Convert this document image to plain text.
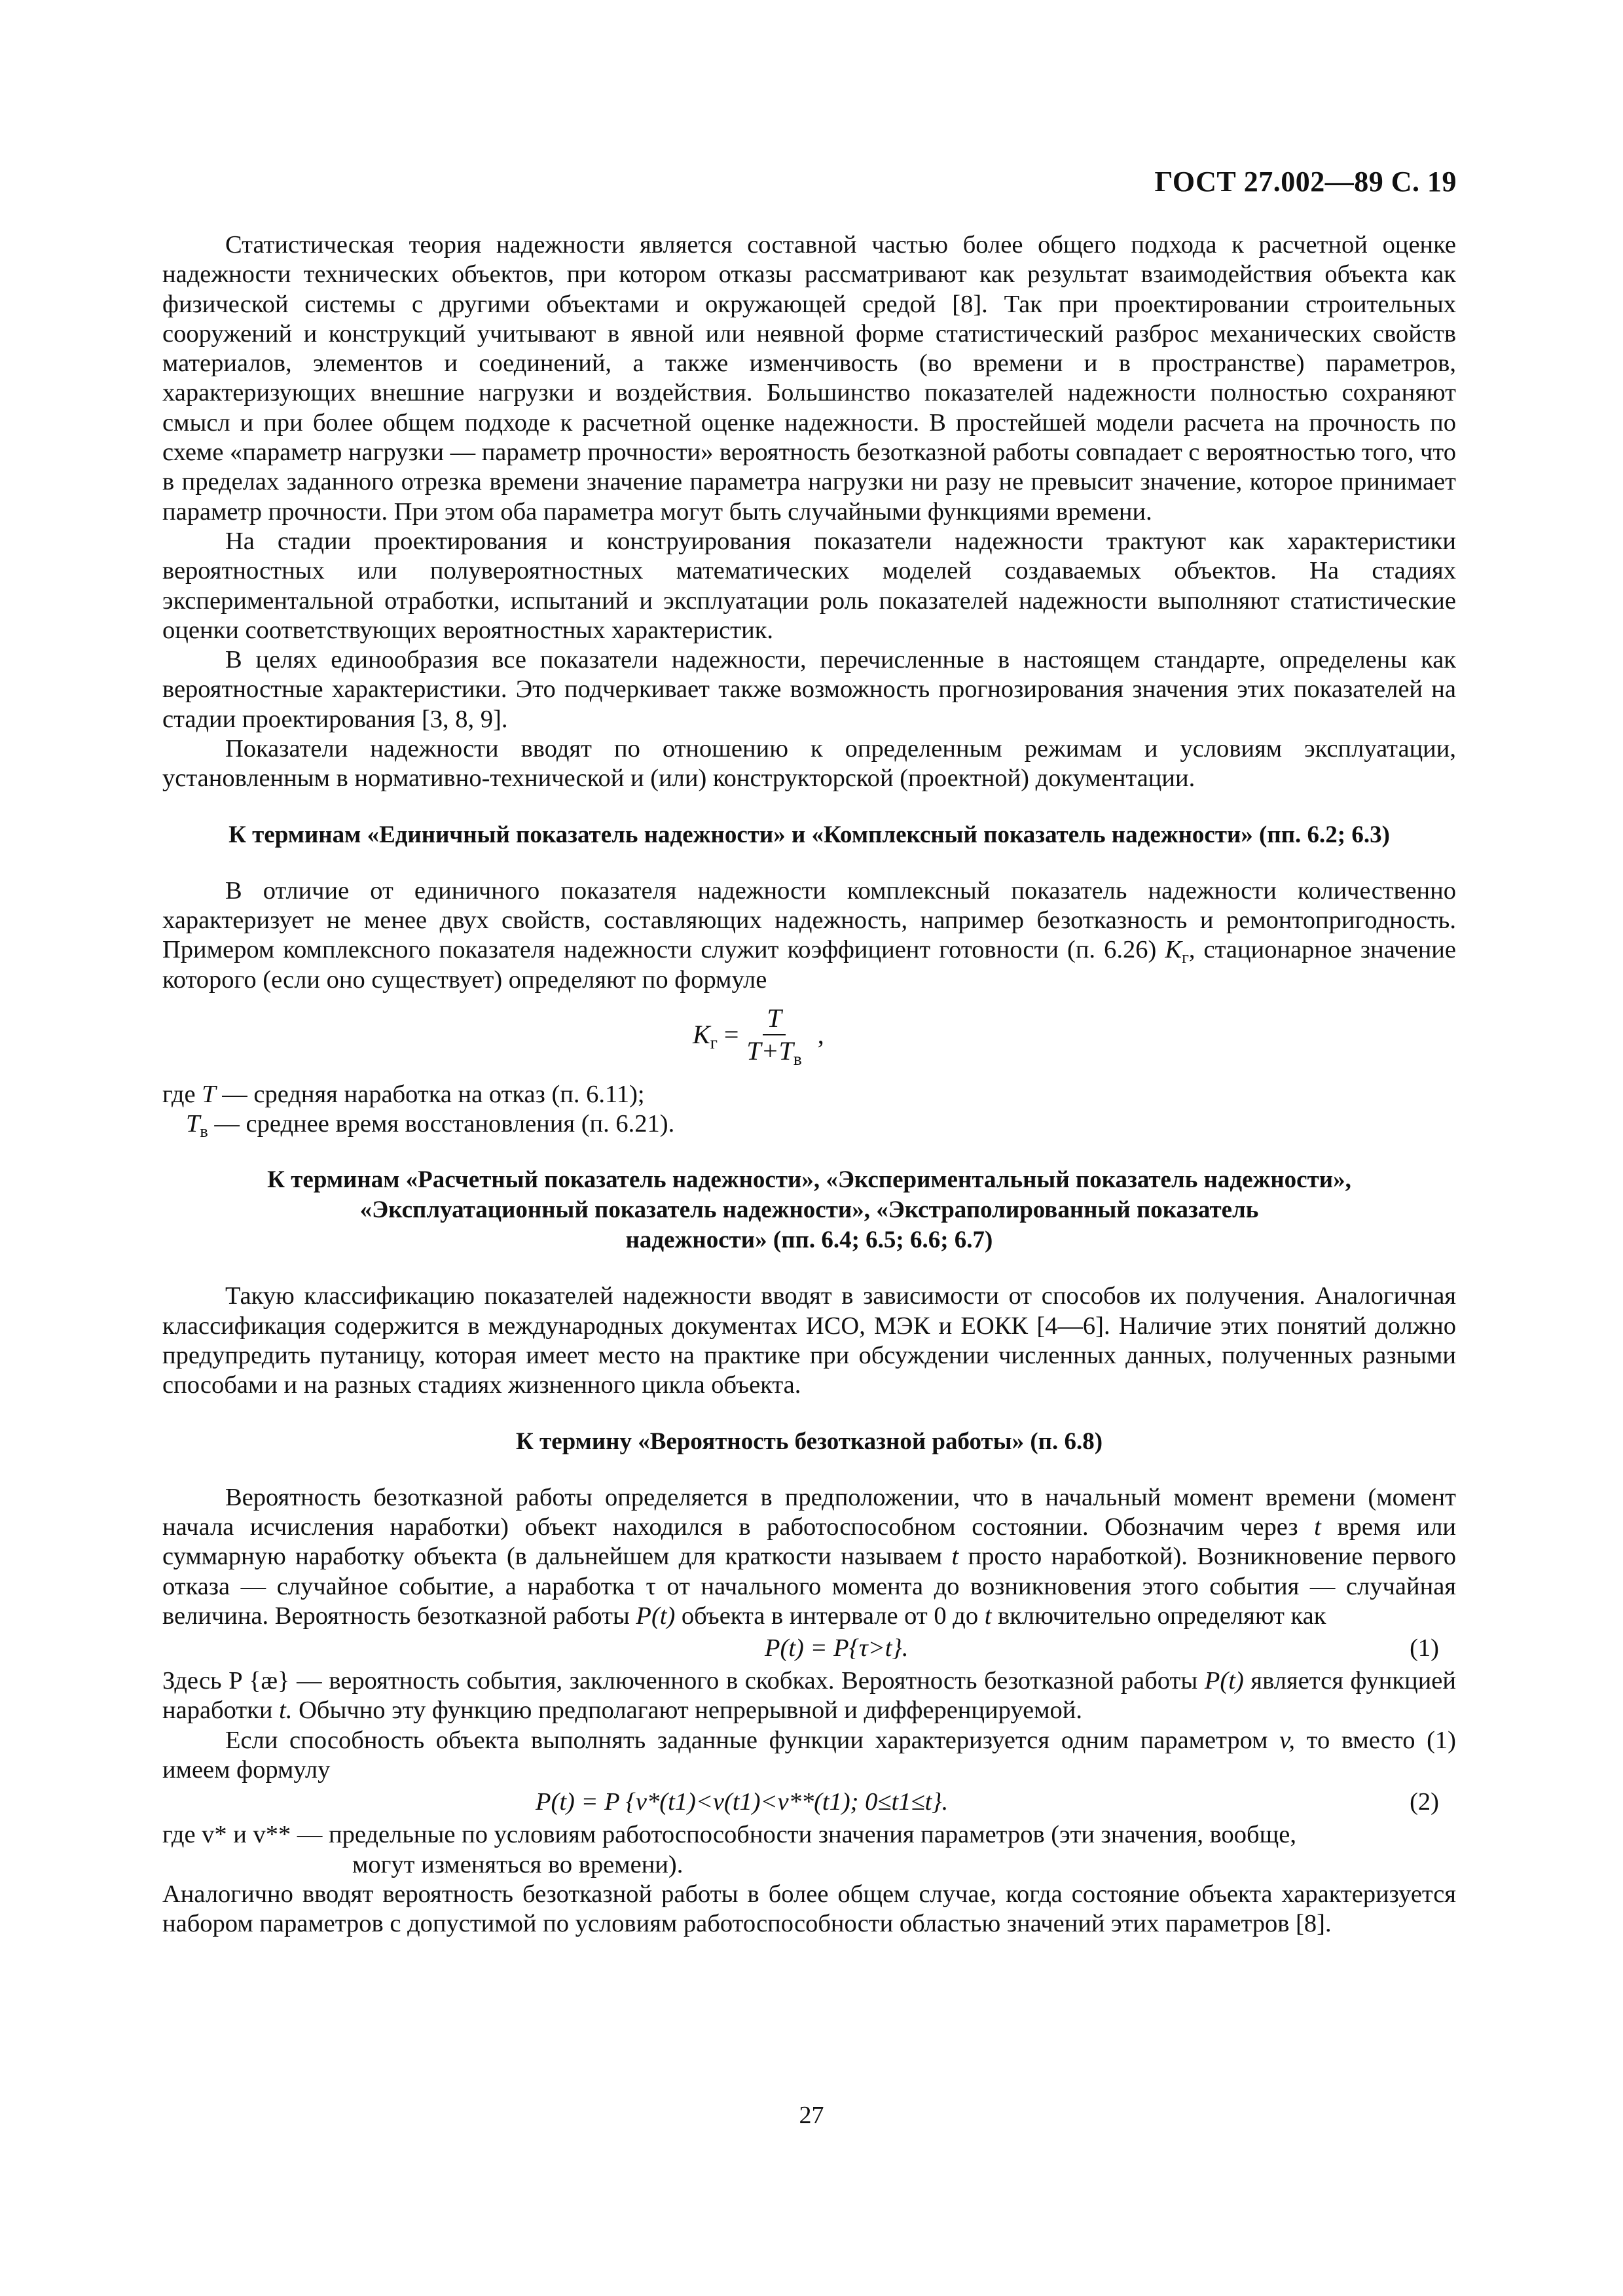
ГОСТ 27.002—89 С. 19

Статистическая теория надежности является составной частью более общего подхода к расчетной оценке надежности технических объектов, при котором отказы рассматривают как результат взаимодействия объекта как физической системы с другими объектами и окружающей средой [8]. Так при проектировании строительных сооружений и конструкций учитывают в явной или неявной форме статистический разброс механических свойств материалов, элементов и соединений, а также изменчивость (во времени и в пространстве) параметров, характеризующих внешние нагрузки и воздействия. Большинство показателей надежности полностью сохраняют смысл и при более общем подходе к расчетной оценке надежности. В простейшей модели расчета на прочность по схеме «параметр нагрузки — параметр прочности» вероятность безотказной работы совпадает с вероятностью того, что в пределах заданного отрезка времени значение параметра нагрузки ни разу не превысит значение, которое принимает параметр прочности. При этом оба параметра могут быть случайными функциями времени.

На стадии проектирования и конструирования показатели надежности трактуют как характеристики вероятностных или полувероятностных математических моделей создаваемых объектов. На стадиях экспериментальной отработки, испытаний и эксплуатации роль показателей надежности выполняют статистические оценки соответствующих вероятностных характеристик.

В целях единообразия все показатели надежности, перечисленные в настоящем стандарте, определены как вероятностные характеристики. Это подчеркивает также возможность прогнозирования значения этих показателей на стадии проектирования [3, 8, 9].

Показатели надежности вводят по отношению к определенным режимам и условиям эксплуатации, установленным в нормативно-технической и (или) конструкторской (проектной) документации.

К терминам «Единичный показатель надежности» и «Комплексный показатель надежности» (пп. 6.2; 6.3)

В отличие от единичного показателя надежности комплексный показатель надежности количественно характеризует не менее двух свойств, составляющих надежность, например безотказность и ремонтопригодность. Примером комплексного показателя надежности служит коэффициент готовности (п. 6.26) $K_г$, стационарное значение которого (если оно существует) определяют по формуле

$K_г = \frac{T}{T+T_в}$ ,

где T — средняя наработка на отказ (п. 6.11);

$T_в$ — среднее время восстановления (п. 6.21).

К терминам «Расчетный показатель надежности», «Экспериментальный показатель надежности»,
«Эксплуатационный показатель надежности», «Экстраполированный показатель
надежности» (пп. 6.4; 6.5; 6.6; 6.7)

Такую классификацию показателей надежности вводят в зависимости от способов их получения. Аналогичная классификация содержится в международных документах ИСО, МЭК и ЕОКК [4—6]. Наличие этих понятий должно предупредить путаницу, которая имеет место на практике при обсуждении численных данных, полученных разными способами и на разных стадиях жизненного цикла объекта.

К термину «Вероятность безотказной работы» (п. 6.8)

Вероятность безотказной работы определяется в предположении, что в начальный момент времени (момент начала исчисления наработки) объект находился в работоспособном состоянии. Обозначим через t время или суммарную наработку объекта (в дальнейшем для краткости называем t просто наработкой). Возникновение первого отказа — случайное событие, а наработка τ от начального момента до возникновения этого события — случайная величина. Вероятность безотказной работы P(t) объекта в интервале от 0 до t включительно определяют как

P(t) = P{τ>t}.	(1)

Здесь P {æ} — вероятность события, заключенного в скобках. Вероятность безотказной работы P(t) является функцией наработки t. Обычно эту функцию предполагают непрерывной и дифференцируемой.

Если способность объекта выполнять заданные функции характеризуется одним параметром v, то вместо (1) имеем формулу

P(t) = P {v*(t1)<v(t1)<v**(t1); 0≤t1≤t}.	(2)

где v* и v** — предельные по условиям работоспособности значения параметров (эти значения, вообще,

могут изменяться во времени).

Аналогично вводят вероятность безотказной работы в более общем случае, когда состояние объекта характеризуется набором параметров с допустимой по условиям работоспособности областью значений этих параметров [8].

27
